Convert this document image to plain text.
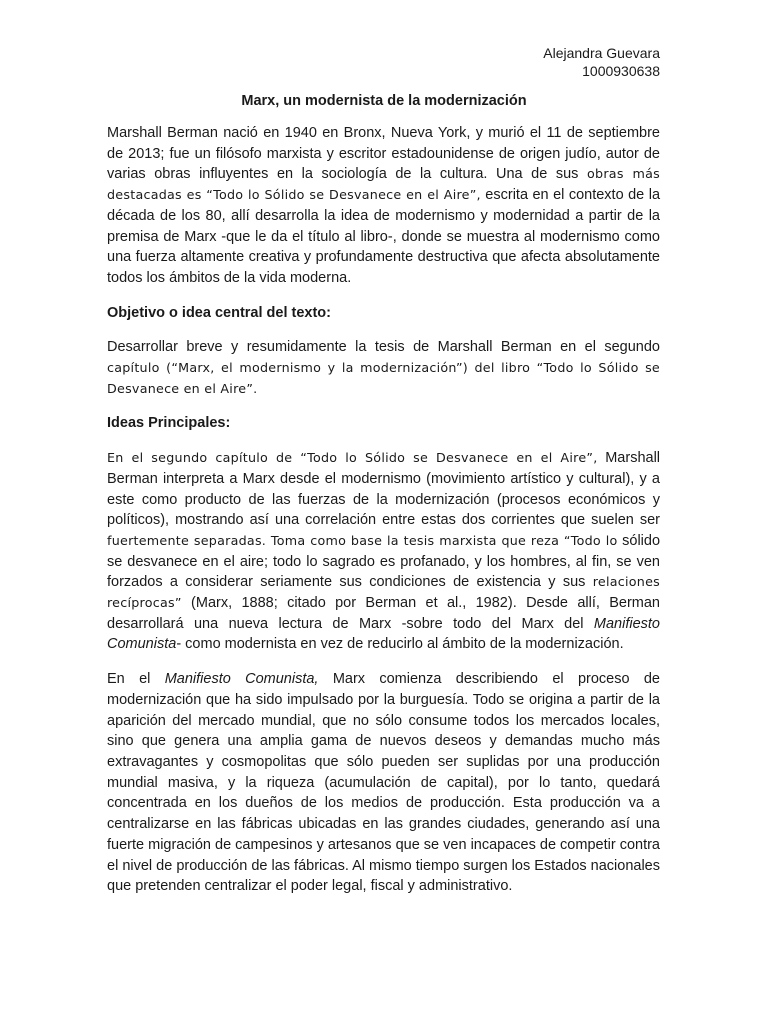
Alejandra Guevara
1000930638
Marx, un modernista de la modernización

Marshall Berman nació en 1940 en Bronx, Nueva York, y murió el 11 de septiembre de 2013; fue un filósofo marxista y escritor estadounidense de origen judío, autor de varias obras influyentes en la sociología de la cultura. Una de sus obras más destacadas es “Todo lo Sólido se Desvanece en el Aire”, escrita en el contexto de la década de los 80, allí desarrolla la idea de modernismo y modernidad a partir de la premisa de Marx -que le da el título al libro-, donde se muestra al modernismo como una fuerza altamente creativa y profundamente destructiva que afecta absolutamente todos los ámbitos de la vida moderna.

Objetivo o idea central del texto:

Desarrollar breve y resumidamente la tesis de Marshall Berman en el segundo capítulo (“Marx, el modernismo y la modernización”) del libro “Todo lo Sólido se Desvanece en el Aire”.

Ideas Principales:

En el segundo capítulo de “Todo lo Sólido se Desvanece en el Aire”, Marshall Berman interpreta a Marx desde el modernismo (movimiento artístico y cultural), y a este como producto de las fuerzas de la modernización (procesos económicos y políticos), mostrando así una correlación entre estas dos corrientes que suelen ser fuertemente separadas. Toma como base la tesis marxista que reza “Todo lo sólido se desvanece en el aire; todo lo sagrado es profanado, y los hombres, al fin, se ven forzados a considerar seriamente sus condiciones de existencia y sus relaciones recíprocas” (Marx, 1888; citado por Berman et al., 1982). Desde allí, Berman desarrollará una nueva lectura de Marx -sobre todo del Marx del Manifiesto Comunista- como modernista en vez de reducirlo al ámbito de la modernización.

En el Manifiesto Comunista, Marx comienza describiendo el proceso de modernización que ha sido impulsado por la burguesía. Todo se origina a partir de la aparición del mercado mundial, que no sólo consume todos los mercados locales, sino que genera una amplia gama de nuevos deseos y demandas mucho más extravagantes y cosmopolitas que sólo pueden ser suplidas por una producción mundial masiva, y la riqueza (acumulación de capital), por lo tanto, quedará concentrada en los dueños de los medios de producción. Esta producción va a centralizarse en las fábricas ubicadas en las grandes ciudades, generando así una fuerte migración de campesinos y artesanos que se ven incapaces de competir contra el nivel de producción de las fábricas. Al mismo tiempo surgen los Estados nacionales que pretenden centralizar el poder legal, fiscal y administrativo.
